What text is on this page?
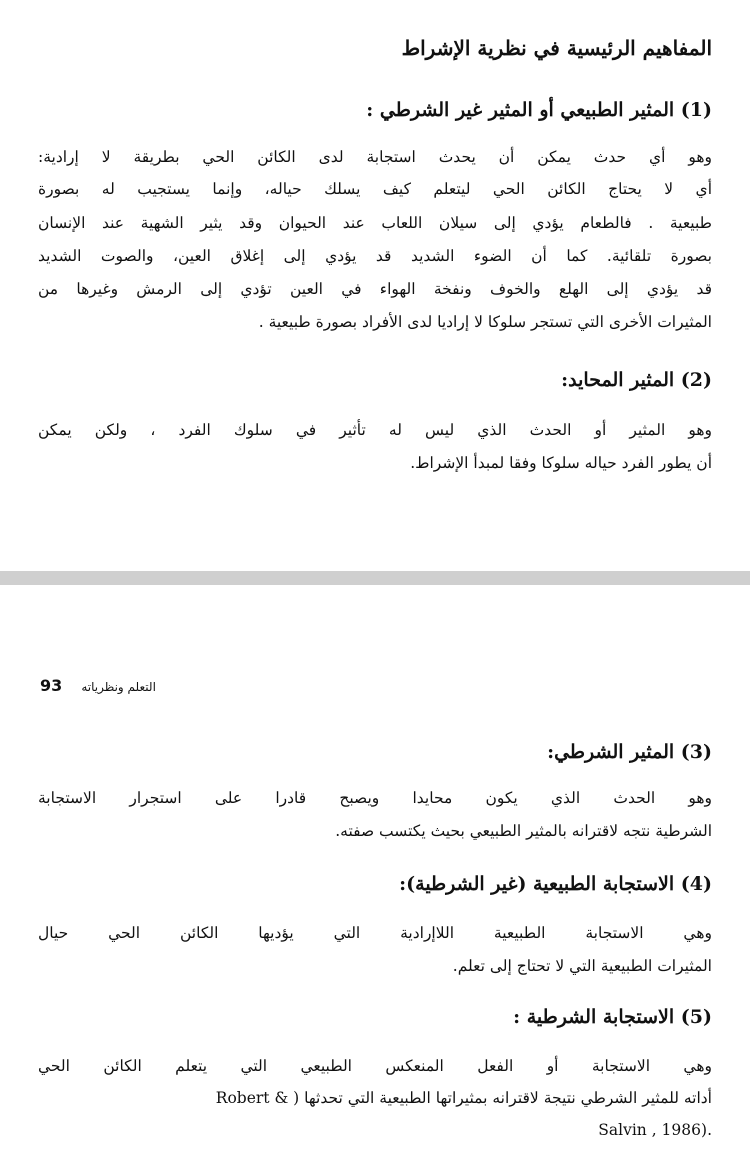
المفاهيم الرئيسية في نظرية الإشراط
(1) المثير الطبيعي أو المثير غير الشرطي :
وهو أي حدث يمكن أن يحدث استجابة لدى الكائن الحي بطريقة لا إرادية:
أي لا يحتاج الكائن الحي ليتعلم كيف يسلك حياله، وإنما يستجيب له بصورة
طبيعية . فالطعام يؤدي إلى سيلان اللعاب عند الحيوان وقد يثير الشهية عند الإنسان
بصورة تلقائية. كما أن الضوء الشديد قد يؤدي إلى إغلاق العين، والصوت الشديد
قد يؤدي إلى الهلع والخوف ونفخة الهواء في العين تؤدي إلى الرمش وغيرها من
المثيرات الأخرى التي تستجر سلوكا لا إراديا لدى الأفراد بصورة طبيعية .
(2) المثير المحايد:
وهو المثير أو الحدث الذي ليس له تأثير في سلوك الفرد ، ولكن يمكن
أن يطور الفرد حياله سلوكا وفقا لمبدأ الإشراط.
93 التعلم ونظرياته
(3) المثير الشرطي:
وهو الحدث الذي يكون محايدا ويصبح قادرا على استجرار الاستجابة
الشرطية نتجه لاقترانه بالمثير الطبيعي بحيث يكتسب صفته.
(4) الاستجابة الطبيعية (غير الشرطية):
وهي الاستجابة الطبيعية اللاإرادية التي يؤديها الكائن الحي حيال
المثيرات الطبيعية التي لا تحتاج إلى تعلم.
(5) الاستجابة الشرطية :
وهي الاستجابة أو الفعل المنعكس الطبيعي التي يتعلم الكائن الحي
أداته للمثير الشرطي نتيجة لاقترانه بمثيراتها الطبيعية التي تحدثها ( & Robert
.(Salvin , 1986
